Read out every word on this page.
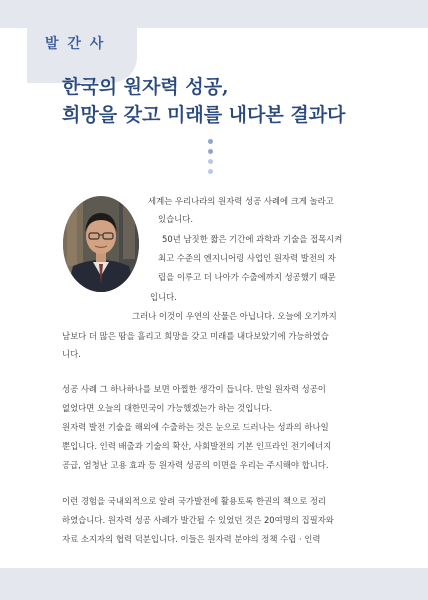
발 간 사
한국의 원자력 성공,
희망을 갖고 미래를 내다본 결과다

세계는 우리나라의 원자력 성공 사례에 크게 놀라고

있습니다.

50년 남짓한 짧은 기간에 과학과 기술을 접목시켜

최고 수준의 엔지니어링 사업인 원자력 발전의 자

립을 이루고 더 나아가 수출에까지 성공했기 때문

입니다.

그러나 이것이 우연의 산물은 아닙니다. 오늘에 오기까지

남보다 더 많은 땀을 흘리고 희망을 갖고 미래를 내다보았기에 가능하였습

니다.

성공 사례 그 하나하나를 보면 아찔한 생각이 듭니다. 만일 원자력 성공이

없었다면 오늘의 대한민국이 가능했겠는가 하는 것입니다.

원자력 발전 기술을 해외에 수출하는 것은 눈으로 드러나는 성과의 하나일

뿐입니다. 인력 배출과 기술의 확산, 사회발전의 기본 인프라인 전기에너지

공급, 엄청난 고용 효과 등 원자력 성공의 이면을 우리는 주시해야 합니다.

이런 경험을 국내외적으로 알려 국가발전에 활용토록 한권의 책으로 정리

하였습니다. 원자력 성공 사례가 발간될 수 있었던 것은 20여명의 집필자와

자료 소지자의 협력 덕분입니다. 이들은 원자력 분야의 정책 수립 · 인력
